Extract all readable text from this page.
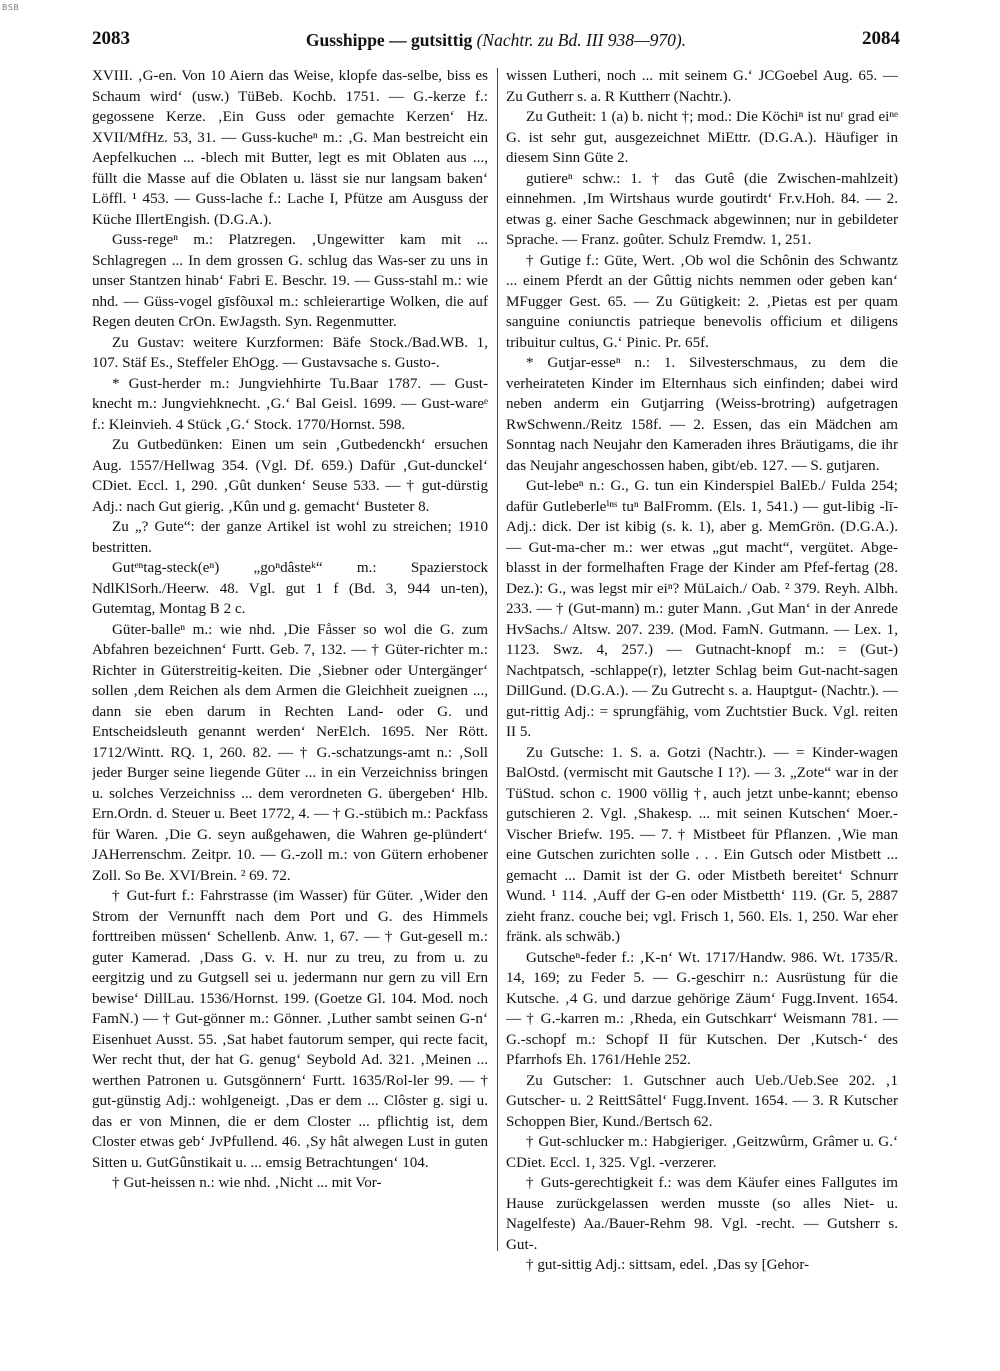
BSB
2083	Gusshippe — gutsittig (Nachtr. zu Bd. III 938—970).	2084

XVIII. ‚G-en. Von 10 Aiern das Weise, klopfe das-selbe, biss es Schaum wird‘ (usw.) TüBeb. Kochb. 1751. — G.-kerze f.: gegossene Kerze. ‚Ein Guss oder gemachte Kerzen‘ Hz. XVII/MfHz. 53, 31. — Guss-kucheⁿ m.: ‚G. Man bestreicht ein Aepfelkuchen ... -blech mit Butter, legt es mit Oblaten aus ..., füllt die Masse auf die Oblaten u. lässt sie nur langsam baken‘ Löffl. ¹ 453. — Guss-lache f.: Lache I, Pfütze am Ausguss der Küche IllertEngish. (D.G.A.).

Guss-regeⁿ m.: Platzregen. ‚Ungewitter kam mit ... Schlagregen ... In dem grossen G. schlug das Was-ser zu uns in unser Stantzen hinab‘ Fabri E. Beschr. 19. — Guss-stahl m.: wie nhd. — Güss-vogel gīsfõuxəl m.: schleierartige Wolken, die auf Regen deuten CrOn. EwJagsth. Syn. Regenmutter.

Zu Gustav: weitere Kurzformen: Bäfe Stock./Bad.WB. 1, 107. Stäf Es., Steffeler EhOgg. — Gustavsache s. Gusto-.

* Gust-herder m.: Jungviehhirte Tu.Baar 1787. — Gust-knecht m.: Jungviehknecht. ‚G.‘ Bal Geisl. 1699. — Gust-wareᵉ f.: Kleinvieh. 4 Stück ‚G.‘ Stock. 1770/Hornst. 598.

Zu Gutbedünken: Einen um sein ‚Gutbedenckh‘ ersuchen Aug. 1557/Hellwag 354. (Vgl. Df. 659.) Dafür ‚Gut-dunckel‘ CDiet. Eccl. 1, 290. ‚Gût dunken‘ Seuse 533. — † gut-dürstig Adj.: nach Gut gierig. ‚Kûn und g. gemacht‘ Busteter 8.

Zu „? Gute“: der ganze Artikel ist wohl zu streichen; 1910 bestritten.

Gutᵉⁿtag-steck(eⁿ) „goⁿdâsteᵏ“ m.: Spazierstock NdlKlSorh./Heerw. 48. Vgl. gut 1 f (Bd. 3, 944 un-ten), Gutemtag, Montag B 2 c.

Güter-balleⁿ m.: wie nhd. ‚Die Fåsser so wol die G. zum Abfahren bezeichnen‘ Furtt. Geb. 7, 132. — † Güter-richter m.: Richter in Güterstreitig-keiten. Die ‚Siebner oder Untergänger‘ sollen ‚dem Reichen als dem Armen die Gleichheit zueignen ..., dann sie eben darum in Rechten Land- oder G. und Entscheidsleuth genannt werden‘ NerElch. 1695. Ner Rött. 1712/Wintt. RQ. 1, 260. 82. — † G.-schatzungs-amt n.: ‚Soll jeder Burger seine liegende Güter ... in ein Verzeichniss bringen u. solches Verzeichniss ... dem verordneten G. übergeben‘ Hlb. Ern.Ordn. d. Steuer u. Beet 1772, 4. — † G.-stübich m.: Packfass für Waren. ‚Die G. seyn außgehawen, die Wahren ge-plündert‘ JAHerrenschm. Zeitpr. 10. — G.-zoll m.: von Gütern erhobener Zoll. So Be. XVI/Brein. ² 69. 72.

† Gut-furt f.: Fahrstrasse (im Wasser) für Güter. ‚Wider den Strom der Vernunfft nach dem Port und G. des Himmels forttreiben müssen‘ Schellenb. Anw. 1, 67. — † Gut-gesell m.: guter Kamerad. ‚Dass G. v. H. nur zu treu, zu from u. zu eergitzig und zu Gutgsell sei u. jedermann nur gern zu vill Ern bewise‘ DillLau. 1536/Hornst. 199. (Goetze Gl. 104. Mod. noch FamN.) — † Gut-gönner m.: Gönner. ‚Luther sambt seinen G-n‘ Eisenhuet Ausst. 55. ‚Sat habet fautorum semper, qui recte facit, Wer recht thut, der hat G. genug‘ Seybold Ad. 321. ‚Meinen ... werthen Patronen u. Gutsgönnern‘ Furtt. 1635/Rol-ler 99. — † gut-günstig Adj.: wohlgeneigt. ‚Das er dem ... Clôster g. sigi u. das er von Minnen, die er dem Closter ... pflichtig ist, dem Closter etwas geb‘ JvPfullend. 46. ‚Sy hât alwegen Lust in guten Sitten u. GutGûnstikait u. ... emsig Betrachtungen‘ 104.

† Gut-heissen n.: wie nhd. ‚Nicht ... mit Vor-

wissen Lutheri, noch ... mit seinem G.‘ JCGoebel Aug. 65. — Zu Gutherr s. a. R Kuttherr (Nachtr.).

Zu Gutheit: 1 (a) b. nicht †; mod.: Die Köchiⁿ ist nuʳ grad eiⁿᵉ G. ist sehr gut, ausgezeichnet MiEttr. (D.G.A.). Häufiger in diesem Sinn Güte 2.

gutiereⁿ schw.: 1. † das Gutê (die Zwischen-mahlzeit) einnehmen. ‚Im Wirtshaus wurde goutirdt‘ Fr.v.Hoh. 84. — 2. etwas g. einer Sache Geschmack abgewinnen; nur in gebildeter Sprache. — Franz. goûter. Schulz Fremdw. 1, 251.

† Gutige f.: Güte, Wert. ‚Ob wol die Schônin des Schwantz ... einem Pferdt an der Gûttig nichts nemmen oder geben kan‘ MFugger Gest. 65. — Zu Gütigkeit: 2. ‚Pietas est per quam sanguine coniunctis patrieque benevolis officium et diligens tribuitur cultus, G.‘ Pinic. Pr. 65f.

* Gutjar-esseⁿ n.: 1. Silvesterschmaus, zu dem die verheirateten Kinder im Elternhaus sich einfinden; dabei wird neben anderm ein Gutjarring (Weiss-brotring) aufgetragen RwSchwenn./Reitz 158f. — 2. Essen, das ein Mädchen am Sonntag nach Neujahr den Kameraden ihres Bräutigams, die ihr das Neujahr angeschossen haben, gibt/eb. 127. — S. gutjaren.

Gut-lebeⁿ n.: G., G. tun ein Kinderspiel BalEb./ Fulda 254; dafür Gutleberleⁱⁿˢ tuⁿ BalFromm. (Els. 1, 541.) — gut-libig -lī- Adj.: dick. Der ist kibig (s. k. 1), aber g. MemGrön. (D.G.A.). — Gut-ma-cher m.: wer etwas „gut macht“, vergütet. Abge-blasst in der formelhaften Frage der Kinder am Pfef-fertag (28. Dez.): G., was legst mir eiⁿ? MüLaich./ Oab. ² 379. Reyh. Albh. 233. — † (Gut-mann) m.: guter Mann. ‚Gut Man‘ in der Anrede HvSachs./ Altsw. 207. 239. (Mod. FamN. Gutmann. — Lex. 1, 1123. Swz. 4, 257.) — Gutnacht-knopf m.: = (Gut-) Nachtpatsch, -schlappe(r), letzter Schlag beim Gut-nacht-sagen DillGund. (D.G.A.). — Zu Gutrecht s. a. Hauptgut- (Nachtr.). — gut-rittig Adj.: = sprungfähig, vom Zuchtstier Buck. Vgl. reiten II 5.

Zu Gutsche: 1. S. a. Gotzi (Nachtr.). — = Kinder-wagen BalOstd. (vermischt mit Gautsche I 1?). — 3. „Zote“ war in der TüStud. schon c. 1900 völlig †, auch jetzt unbe-kannt; ebenso gutschieren 2. Vgl. ‚Shakesp. ... mit seinen Kutschen‘ Moer.-Vischer Briefw. 195. — 7. † Mistbeet für Pflanzen. ‚Wie man eine Gutschen zurichten solle . . . Ein Gutsch oder Mistbett ... gemacht ... Damit ist der G. oder Mistbeth bereitet‘ Schnurr Wund. ¹ 114. ‚Auff der G-en oder Mistbetth‘ 119. (Gr. 5, 2887 zieht franz. couche bei; vgl. Frisch 1, 560. Els. 1, 250. War eher fränk. als schwäb.)

Gutscheⁿ-feder f.: ‚K-n‘ Wt. 1717/Handw. 986. Wt. 1735/R. 14, 169; zu Feder 5. — G.-geschirr n.: Ausrüstung für die Kutsche. ‚4 G. und darzue gehörige Zäum‘ Fugg.Invent. 1654. — † G.-karren m.: ‚Rheda, ein Gutschkarr‘ Weismann 781. — G.-schopf m.: Schopf II für Kutschen. Der ‚Kutsch-‘ des Pfarrhofs Eh. 1761/Hehle 252.

Zu Gutscher: 1. Gutschner auch Ueb./Ueb.See 202. ‚1 Gutscher- u. 2 ReittSâttel‘ Fugg.Invent. 1654. — 3. R Kutscher Schoppen Bier, Kund./Bertsch 62.

† Gut-schlucker m.: Habgieriger. ‚Geitzwûrm, Grâmer u. G.‘ CDiet. Eccl. 1, 325. Vgl. -verzerer.

† Guts-gerechtigkeit f.: was dem Käufer eines Fallgutes im Hause zurückgelassen werden musste (so alles Niet- u. Nagelfeste) Aa./Bauer-Rehm 98. Vgl. -recht. — Gutsherr s. Gut-.

† gut-sittig Adj.: sittsam, edel. ‚Das sy [Gehor-
